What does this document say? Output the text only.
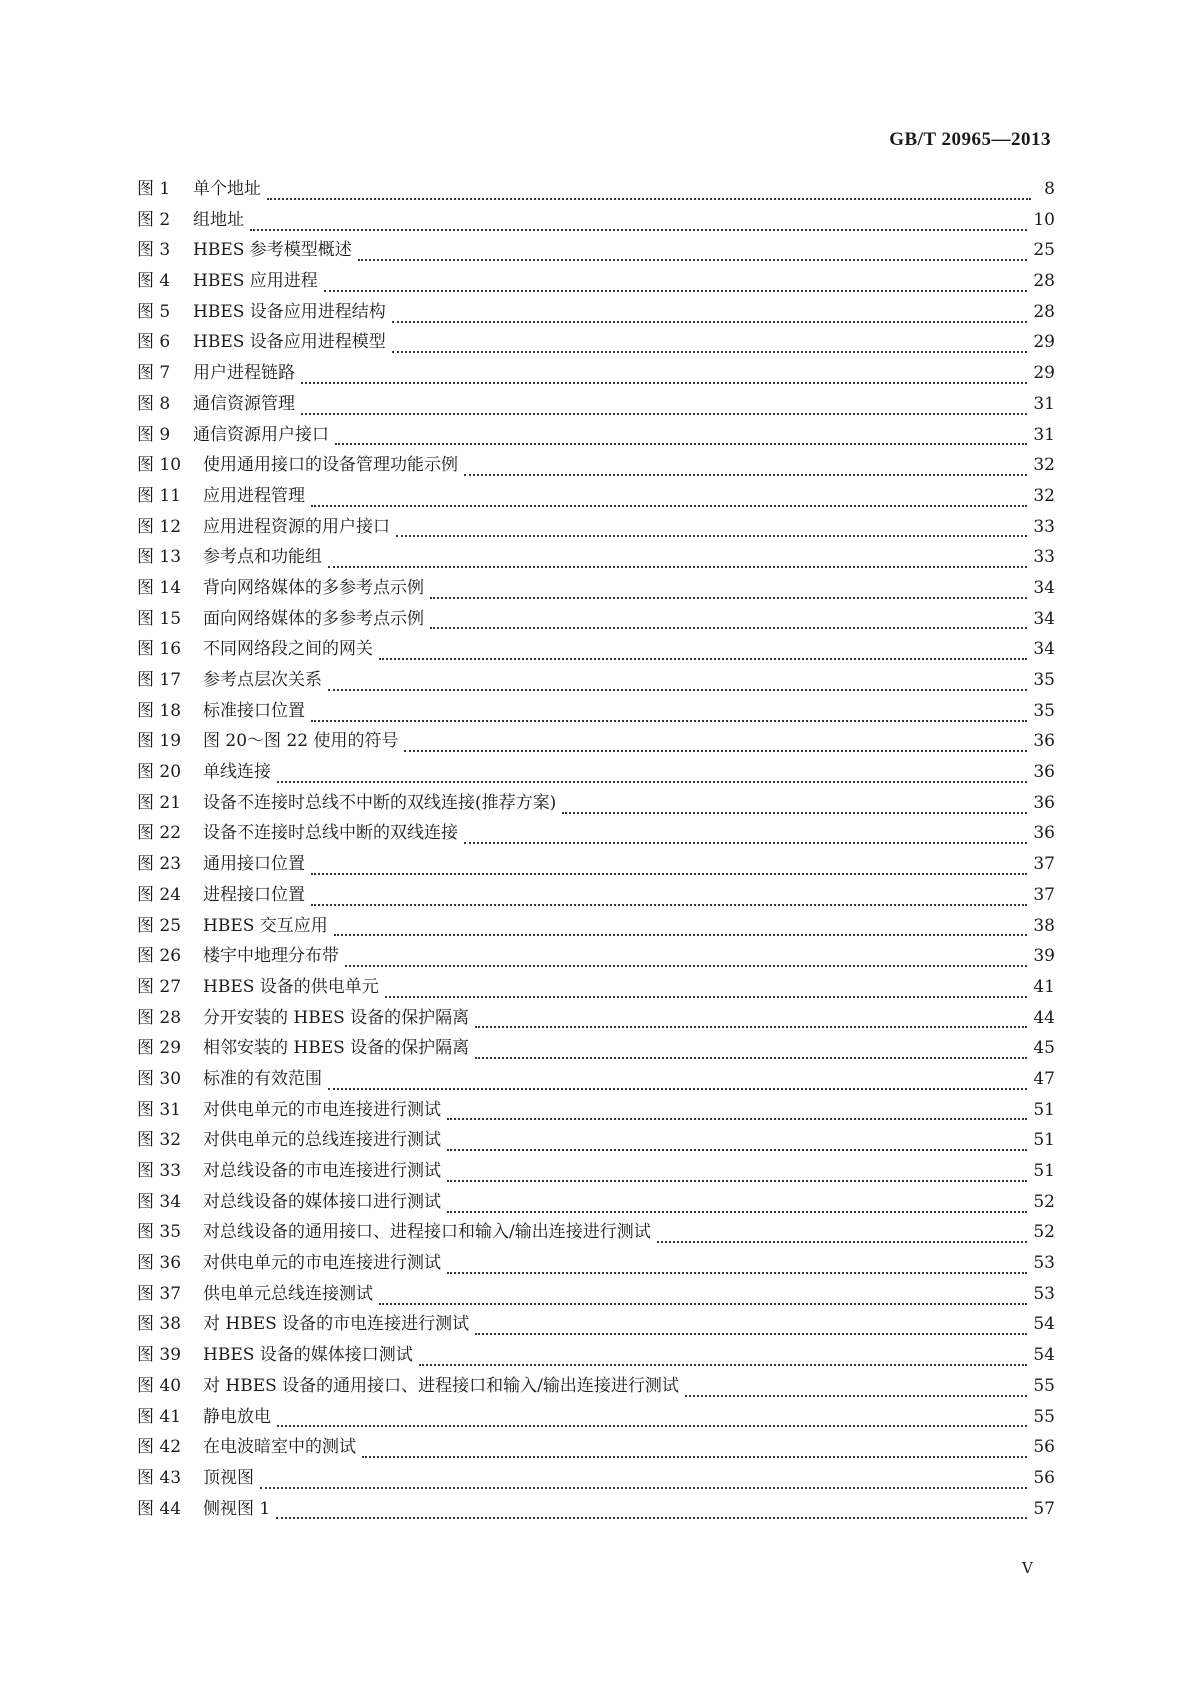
GB/T 20965—2013
图 1	单个地址	8
图 2	组地址	10
图 3	HBES 参考模型概述	25
图 4	HBES 应用进程	28
图 5	HBES 设备应用进程结构	28
图 6	HBES 设备应用进程模型	29
图 7	用户进程链路	29
图 8	通信资源管理	31
图 9	通信资源用户接口	31
图 10	使用通用接口的设备管理功能示例	32
图 11	应用进程管理	32
图 12	应用进程资源的用户接口	33
图 13	参考点和功能组	33
图 14	背向网络媒体的多参考点示例	34
图 15	面向网络媒体的多参考点示例	34
图 16	不同网络段之间的网关	34
图 17	参考点层次关系	35
图 18	标准接口位置	35
图 19	图 20～图 22 使用的符号	36
图 20	单线连接	36
图 21	设备不连接时总线不中断的双线连接(推荐方案)	36
图 22	设备不连接时总线中断的双线连接	36
图 23	通用接口位置	37
图 24	进程接口位置	37
图 25	HBES 交互应用	38
图 26	楼宇中地理分布带	39
图 27	HBES 设备的供电单元	41
图 28	分开安装的 HBES 设备的保护隔离	44
图 29	相邻安装的 HBES 设备的保护隔离	45
图 30	标准的有效范围	47
图 31	对供电单元的市电连接进行测试	51
图 32	对供电单元的总线连接进行测试	51
图 33	对总线设备的市电连接进行测试	51
图 34	对总线设备的媒体接口进行测试	52
图 35	对总线设备的通用接口、进程接口和输入/输出连接进行测试	52
图 36	对供电单元的市电连接进行测试	53
图 37	供电单元总线连接测试	53
图 38	对 HBES 设备的市电连接进行测试	54
图 39	HBES 设备的媒体接口测试	54
图 40	对 HBES 设备的通用接口、进程接口和输入/输出连接进行测试	55
图 41	静电放电	55
图 42	在电波暗室中的测试	56
图 43	顶视图	56
图 44	侧视图 1	57
Ⅴ
